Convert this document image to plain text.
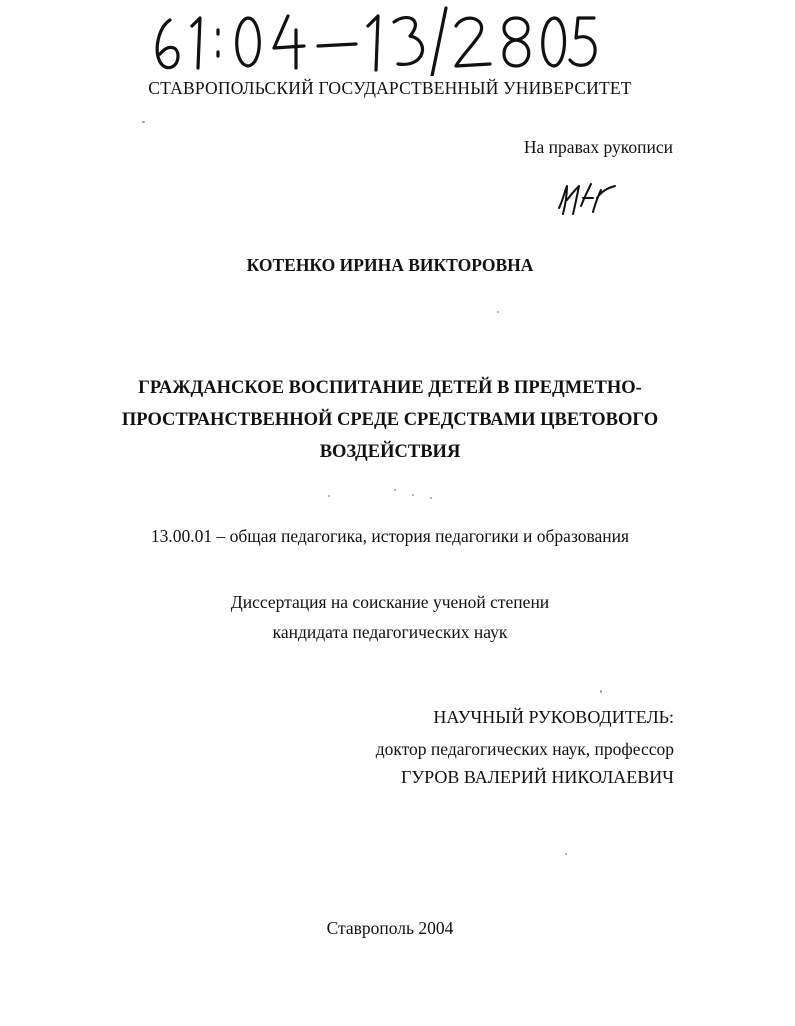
СТАВРОПОЛЬСКИЙ ГОСУДАРСТВЕННЫЙ УНИВЕРСИТЕТ
На правах рукописи
КОТЕНКО ИРИНА ВИКТОРОВНА
ГРАЖДАНСКОЕ ВОСПИТАНИЕ ДЕТЕЙ В ПРЕДМЕТНО-
ПРОСТРАНСТВЕННОЙ СРЕДЕ СРЕДСТВАМИ ЦВЕТОВОГО
ВОЗДЕЙСТВИЯ
13.00.01 – общая педагогика, история педагогики и образования
Диссертация на соискание ученой степени
кандидата педагогических наук
НАУЧНЫЙ РУКОВОДИТЕЛЬ:
доктор педагогических наук, профессор
ГУРОВ ВАЛЕРИЙ НИКОЛАЕВИЧ
Ставрополь 2004
